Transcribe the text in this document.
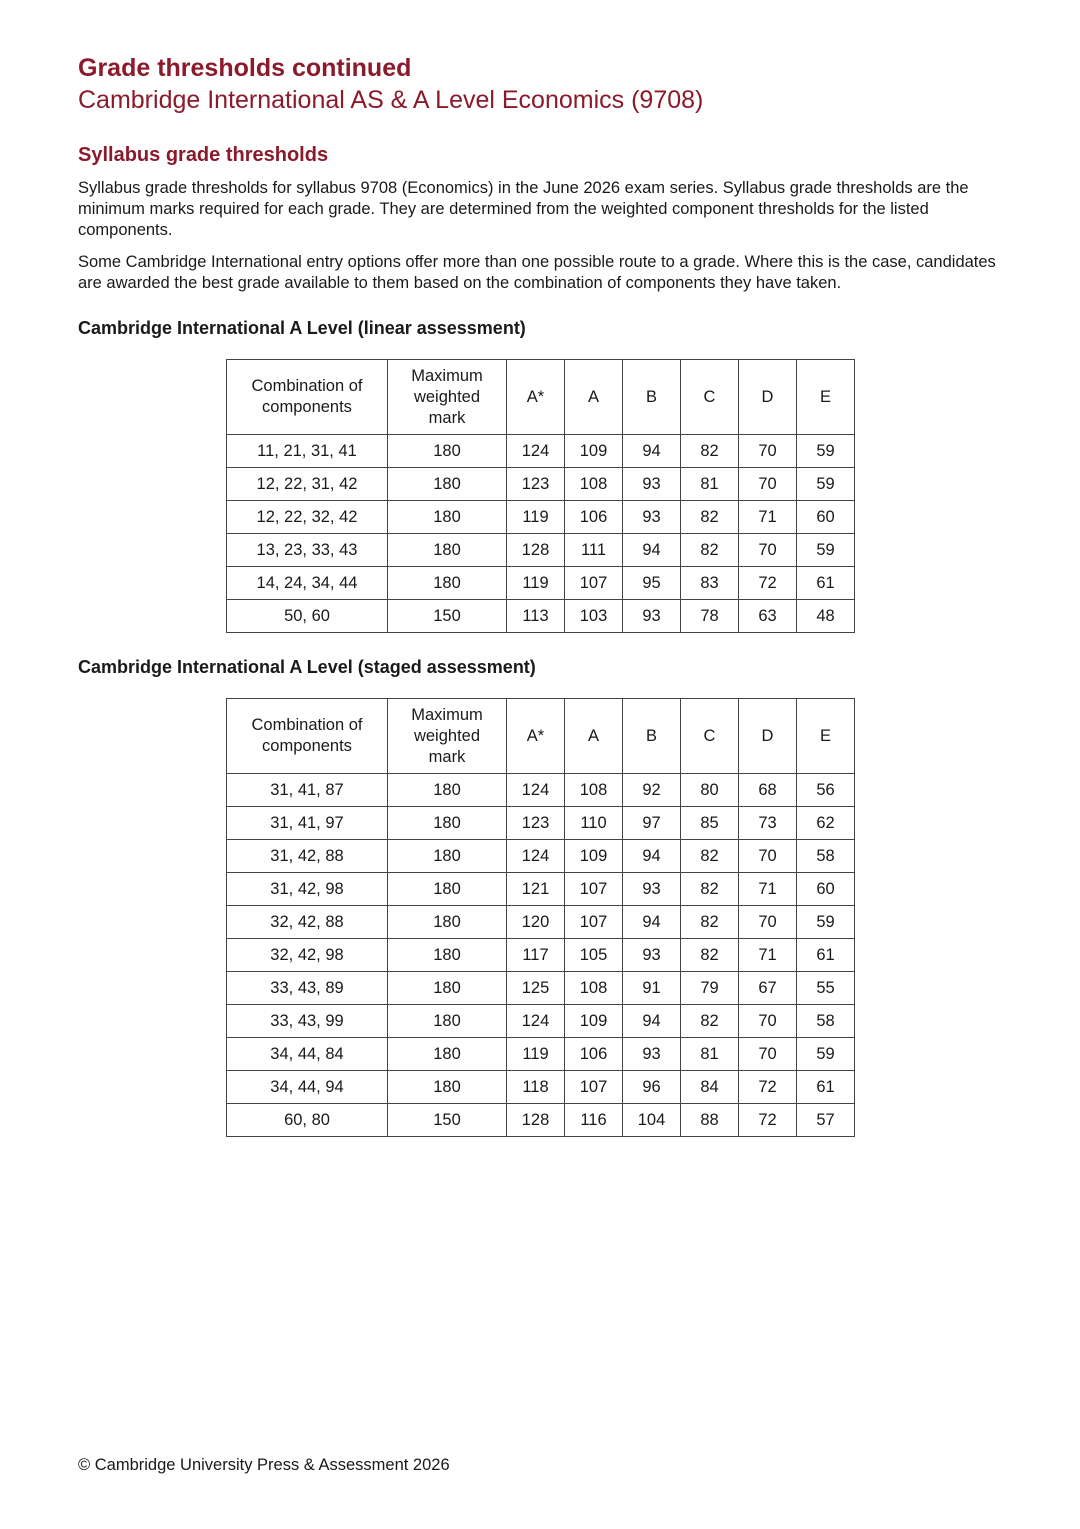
Grade thresholds continued
Cambridge International AS & A Level Economics (9708)
Syllabus grade thresholds

Syllabus grade thresholds for syllabus 9708 (Economics) in the June 2026 exam series. Syllabus grade thresholds are the minimum marks required for each grade. They are determined from the weighted component thresholds for the listed components.

Some Cambridge International entry options offer more than one possible route to a grade. Where this is the case, candidates are awarded the best grade available to them based on the combination of components they have taken.

Cambridge International A Level (linear assessment)
Combination of components	Maximum weighted mark	A*	A	B	C	D	E
11, 21, 31, 41	180	124	109	94	82	70	59
12, 22, 31, 42	180	123	108	93	81	70	59
12, 22, 32, 42	180	119	106	93	82	71	60
13, 23, 33, 43	180	128	111	94	82	70	59
14, 24, 34, 44	180	119	107	95	83	72	61
50, 60	150	113	103	93	78	63	48
Cambridge International A Level (staged assessment)
Combination of components	Maximum weighted mark	A*	A	B	C	D	E
31, 41, 87	180	124	108	92	80	68	56
31, 41, 97	180	123	110	97	85	73	62
31, 42, 88	180	124	109	94	82	70	58
31, 42, 98	180	121	107	93	82	71	60
32, 42, 88	180	120	107	94	82	70	59
32, 42, 98	180	117	105	93	82	71	61
33, 43, 89	180	125	108	91	79	67	55
33, 43, 99	180	124	109	94	82	70	58
34, 44, 84	180	119	106	93	81	70	59
34, 44, 94	180	118	107	96	84	72	61
60, 80	150	128	116	104	88	72	57
© Cambridge University Press & Assessment 2026
